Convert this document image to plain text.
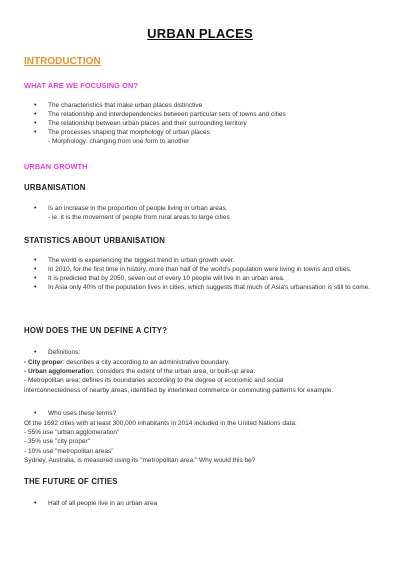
URBAN PLACES
INTRODUCTION
WHAT ARE WE FOCUSING ON?
• The characteristics that make urban places distinctive
• The relationship and interdependencies between particular sets of towns and cities
• The relationship between urban places and their surrounding territory
• The processes shaping that morphology of urban places
- Morphology: changing from one form to another
URBAN GROWTH
URBANISATION
• Is an increase in the proportion of people living in urban areas.
- ie. it is the movement of people from rural areas to large cities
STATISTICS ABOUT URBANISATION
• The world is experiencing the biggest trend in urban growth ever.
• In 2010, for the first time in history, more than half of the world's population were living in towns and cities.
• It is predicted that by 2050, seven out of every 10 people will live in an urban area.
• In Asia only 40% of the population lives in cities, which suggests that much of Asia's urbanisation is still to come.
HOW DOES THE UN DEFINE A CITY?
• Definitions:

- City proper: describes a city according to an administrative boundary.

- Urban agglomeration: considers the extent of the urban area, or built-up area.

- Metropolitan area: defines its boundaries according to the degree of economic and social

interconnectedness of nearby areas, identified by interlinked commerce or commuting patterns for example.

• Who uses these terms?

Of the 1692 cities with at least 300,000 inhabitants in 2014 included in the United Nations data:

- 55% use "urban agglomeration"

- 35% use "city proper"

- 10% use "metropolitan areas"

Sydney, Australia, is measured using its "metropolitan area." Why would this be?

THE FUTURE OF CITIES
• Half of all people live in an urban area
